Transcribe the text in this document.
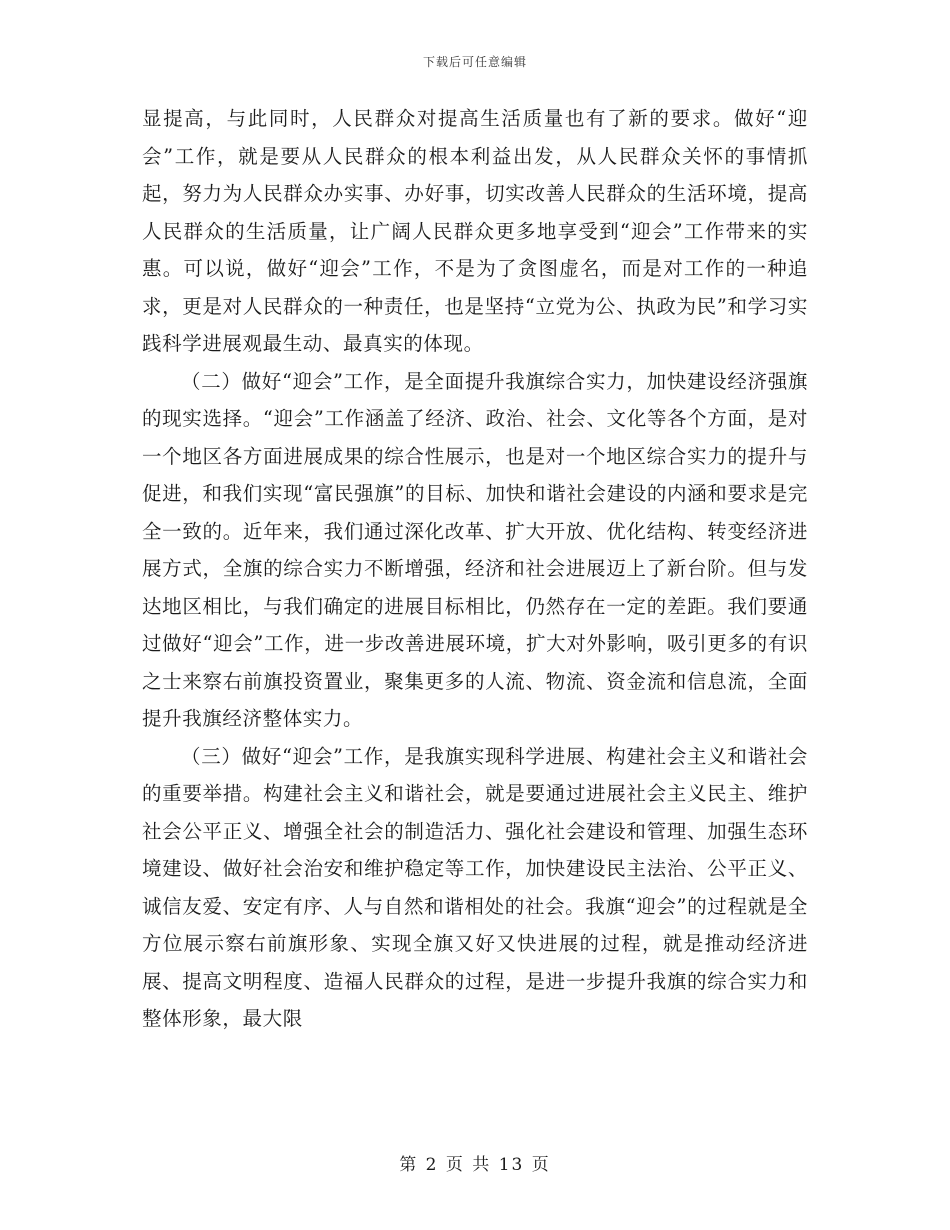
下载后可任意编辑

显提高，与此同时，人民群众对提高生活质量也有了新的要求。做好“迎会”工作，就是要从人民群众的根本利益出发，从人民群众关怀的事情抓起，努力为人民群众办实事、办好事，切实改善人民群众的生活环境，提高人民群众的生活质量，让广阔人民群众更多地享受到“迎会”工作带来的实惠。可以说，做好“迎会”工作，不是为了贪图虚名，而是对工作的一种追求，更是对人民群众的一种责任，也是坚持“立党为公、执政为民”和学习实践科学进展观最生动、最真实的体现。

（二）做好“迎会”工作，是全面提升我旗综合实力，加快建设经济强旗的现实选择。“迎会”工作涵盖了经济、政治、社会、文化等各个方面，是对一个地区各方面进展成果的综合性展示，也是对一个地区综合实力的提升与促进，和我们实现“富民强旗”的目标、加快和谐社会建设的内涵和要求是完全一致的。近年来，我们通过深化改革、扩大开放、优化结构、转变经济进展方式，全旗的综合实力不断增强，经济和社会进展迈上了新台阶。但与发达地区相比，与我们确定的进展目标相比，仍然存在一定的差距。我们要通过做好“迎会”工作，进一步改善进展环境，扩大对外影响，吸引更多的有识之士来察右前旗投资置业，聚集更多的人流、物流、资金流和信息流，全面提升我旗经济整体实力。

（三）做好“迎会”工作，是我旗实现科学进展、构建社会主义和谐社会的重要举措。构建社会主义和谐社会，就是要通过进展社会主义民主、维护社会公平正义、增强全社会的制造活力、强化社会建设和管理、加强生态环境建设、做好社会治安和维护稳定等工作，加快建设民主法治、公平正义、诚信友爱、安定有序、人与自然和谐相处的社会。我旗“迎会”的过程就是全方位展示察右前旗形象、实现全旗又好又快进展的过程，就是推动经济进展、提高文明程度、造福人民群众的过程，是进一步提升我旗的综合实力和整体形象，最大限

第 2 页 共 13 页
